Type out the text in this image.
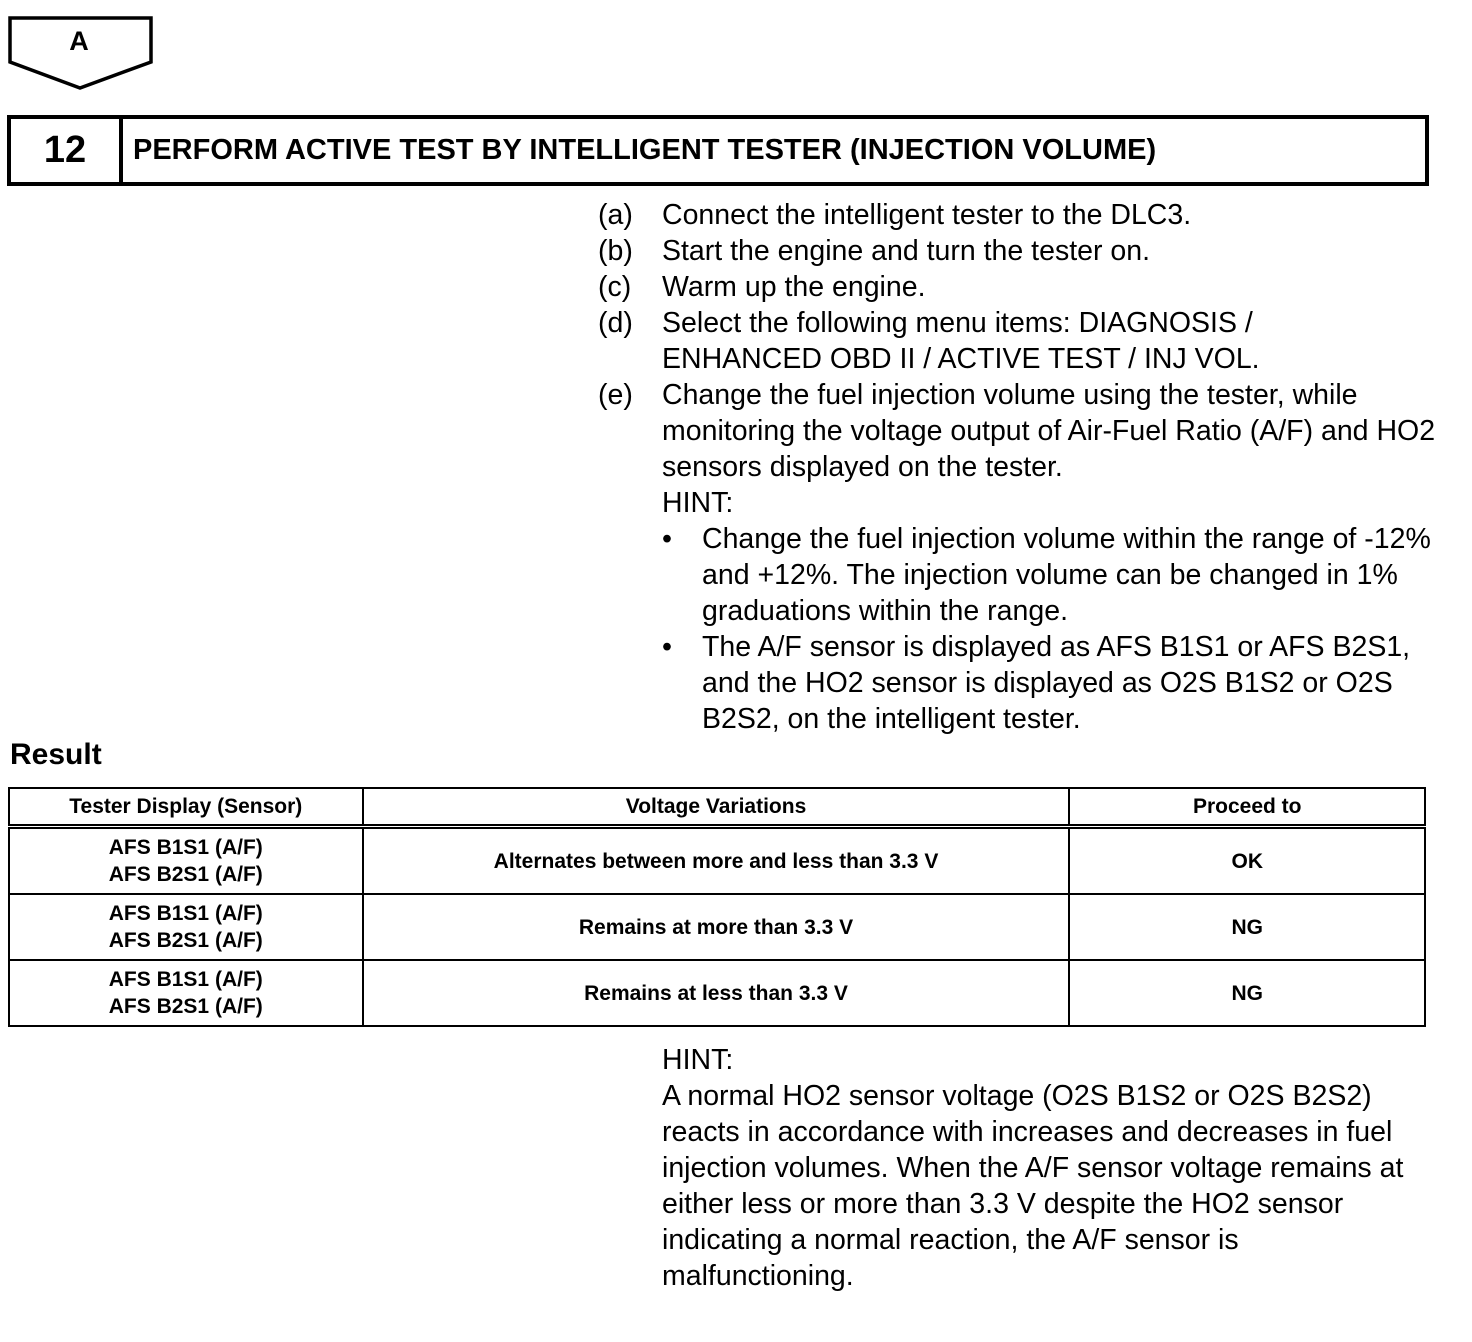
A
12	PERFORM ACTIVE TEST BY INTELLIGENT TESTER (INJECTION VOLUME)
(a)	Connect the intelligent tester to the DLC3.
(b)	Start the engine and turn the tester on.
(c)	Warm up the engine.
(d)	Select the following menu items: DIAGNOSIS / ENHANCED OBD II / ACTIVE TEST / INJ VOL.
(e)	Change the fuel injection volume using the tester, while monitoring the voltage output of Air-Fuel Ratio (A/F) and HO2 sensors displayed on the tester.
HINT:
•	Change the fuel injection volume within the range of -12% and +12%. The injection volume can be changed in 1% graduations within the range.
•	The A/F sensor is displayed as AFS B1S1 or AFS B2S1, and the HO2 sensor is displayed as O2S B1S2 or O2S B2S2, on the intelligent tester.
Result
Tester Display (Sensor)	Voltage Variations	Proceed to

AFS B1S1 (A/F)
AFS B2S1 (A/F)	Alternates between more and less than 3.3 V	OK

AFS B1S1 (A/F)
AFS B2S1 (A/F)	Remains at more than 3.3 V	NG

AFS B1S1 (A/F)
AFS B2S1 (A/F)	Remains at less than 3.3 V	NG
HINT:
A normal HO2 sensor voltage (O2S B1S2 or O2S B2S2) reacts in accordance with increases and decreases in fuel injection volumes. When the A/F sensor voltage remains at either less or more than 3.3 V despite the HO2 sensor indicating a normal reaction, the A/F sensor is malfunctioning.
